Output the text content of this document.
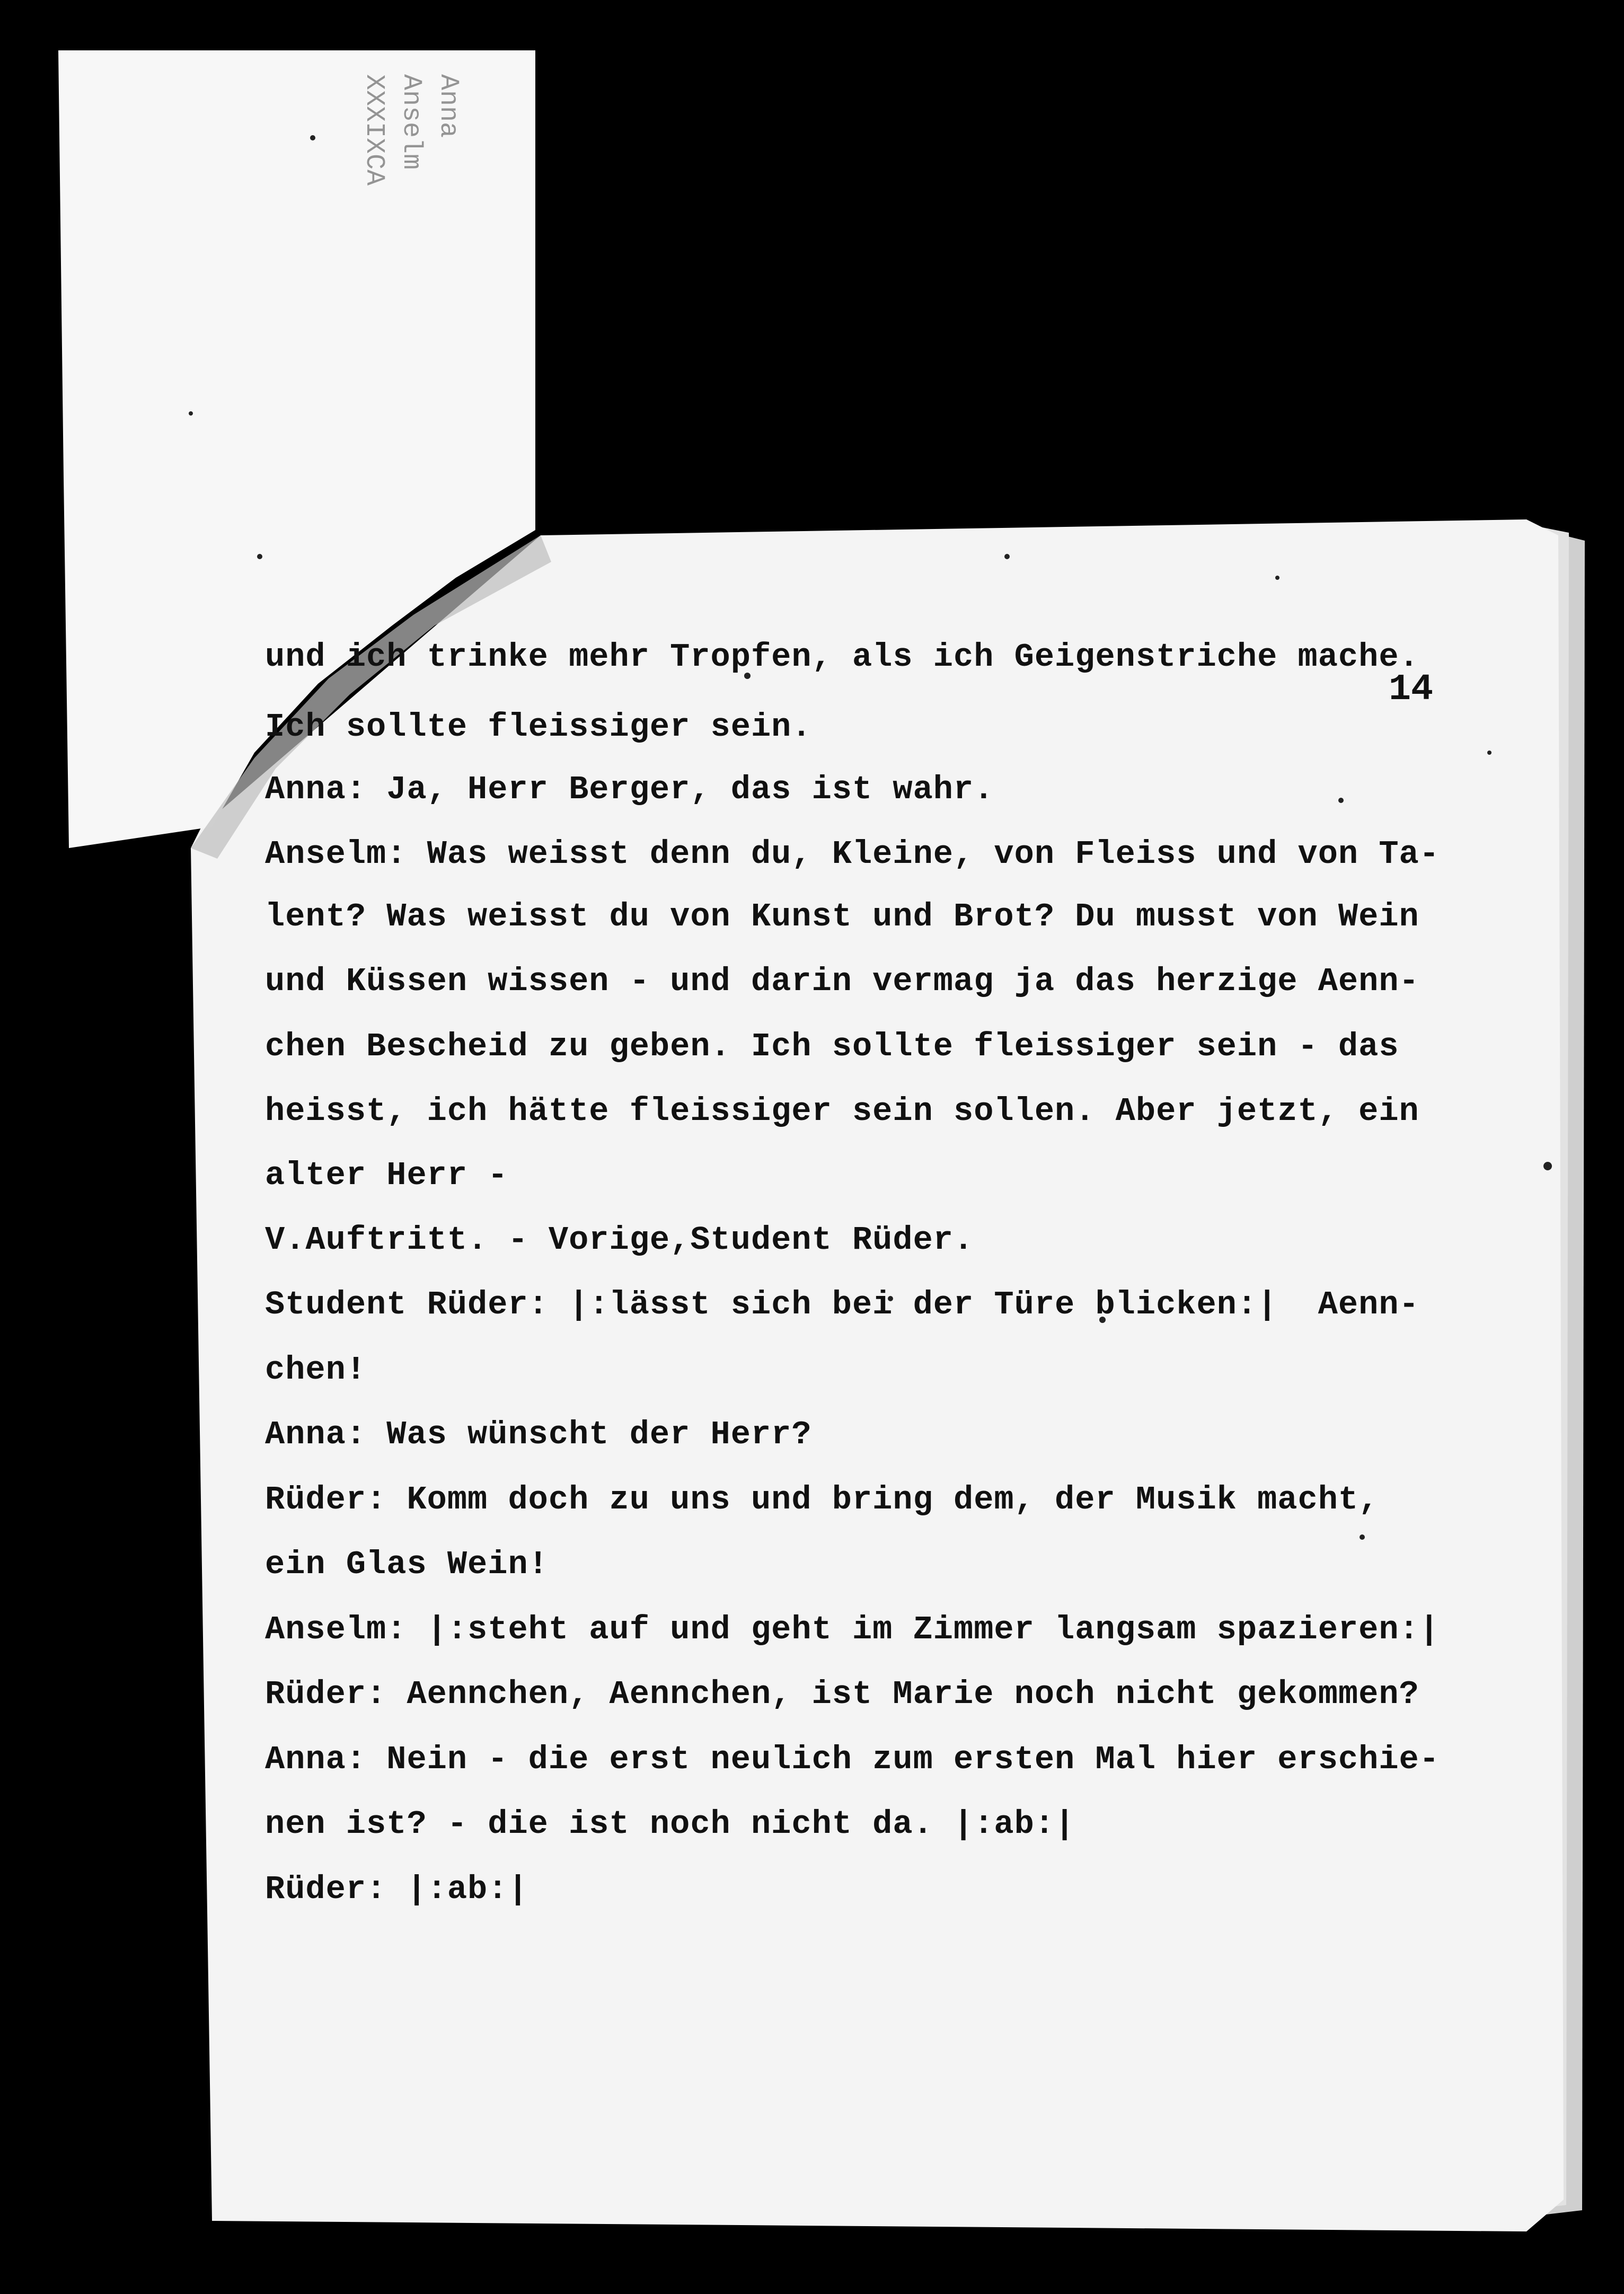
Anna
Anselm
XXXIXCA
14
und ich trinke mehr Tropfen, als ich Geigenstriche mache.
Ich sollte fleissiger sein.
Anna: Ja, Herr Berger, das ist wahr.
Anselm: Was weisst denn du, Kleine, von Fleiss und von Ta-
lent? Was weisst du von Kunst und Brot? Du musst von Wein
und Küssen wissen - und darin vermag ja das herzige Aenn-
chen Bescheid zu geben. Ich sollte fleissiger sein - das
heisst, ich hätte fleissiger sein sollen. Aber jetzt, ein
alter Herr -
V.Auftritt. - Vorige,Student Rüder.
Student Rüder: |:lässt sich bei der Türe blicken:|  Aenn-
chen!
Anna: Was wünscht der Herr?
Rüder: Komm doch zu uns und bring dem, der Musik macht,
ein Glas Wein!
Anselm: |:steht auf und geht im Zimmer langsam spazieren:|
Rüder: Aennchen, Aennchen, ist Marie noch nicht gekommen?
Anna: Nein - die erst neulich zum ersten Mal hier erschie-
nen ist? - die ist noch nicht da. |:ab:|
Rüder: |:ab:|
